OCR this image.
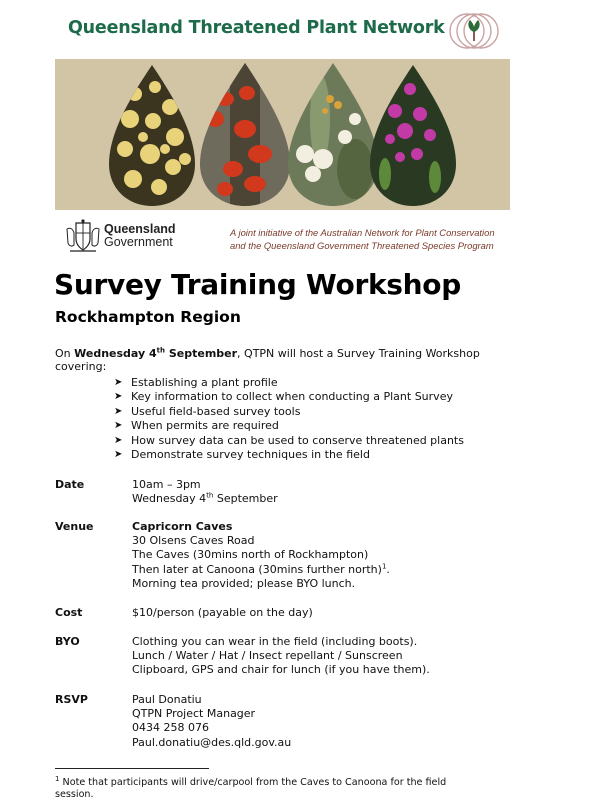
Queensland Threatened Plant Network
Queensland
Government
A joint initiative of the Australian Network for Plant Conservation
and the Queensland Government Threatened Species Program
Survey Training Workshop
Rockhampton Region
On Wednesday 4th September, QTPN will host a Survey Training Workshop
covering:
➤ Establishing a plant profile
➤ Key information to collect when conducting a Plant Survey
➤ Useful field-based survey tools
➤ When permits are required
➤ How survey data can be used to conserve threatened plants
➤ Demonstrate survey techniques in the field
Date	10am – 3pm
Wednesday 4th September
Venue	Capricorn Caves
30 Olsens Caves Road
The Caves (30mins north of Rockhampton)
Then later at Canoona (30mins further north)$^1$.
Morning tea provided; please BYO lunch.
Cost	$10/person (payable on the day)
BYO	Clothing you can wear in the field (including boots).
Lunch / Water / Hat / Insect repellant / Sunscreen
Clipboard, GPS and chair for lunch (if you have them).
RSVP	Paul Donatiu
QTPN Project Manager
0434 258 076
Paul.donatiu@des.qld.gov.au
$^1$ Note that participants will drive/carpool from the Caves to Canoona for the field
session.
